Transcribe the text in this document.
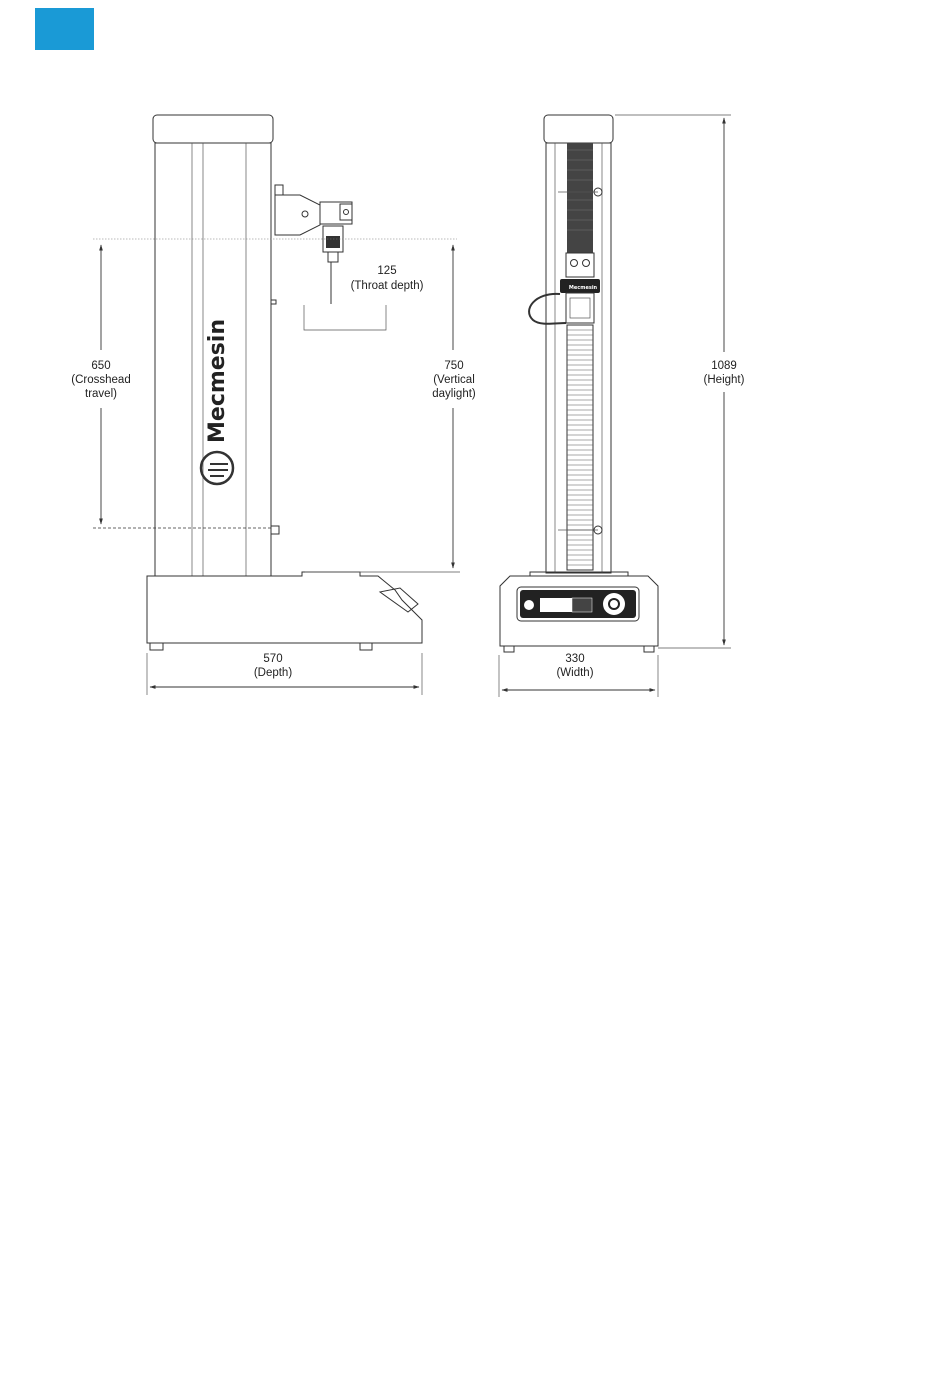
Mecmesin
650
(Crosshead
travel)
750
(Vertical
daylight)
125
(Throat depth)
570
(Depth)
Mecmesin
1089
(Height)
330
(Width)
